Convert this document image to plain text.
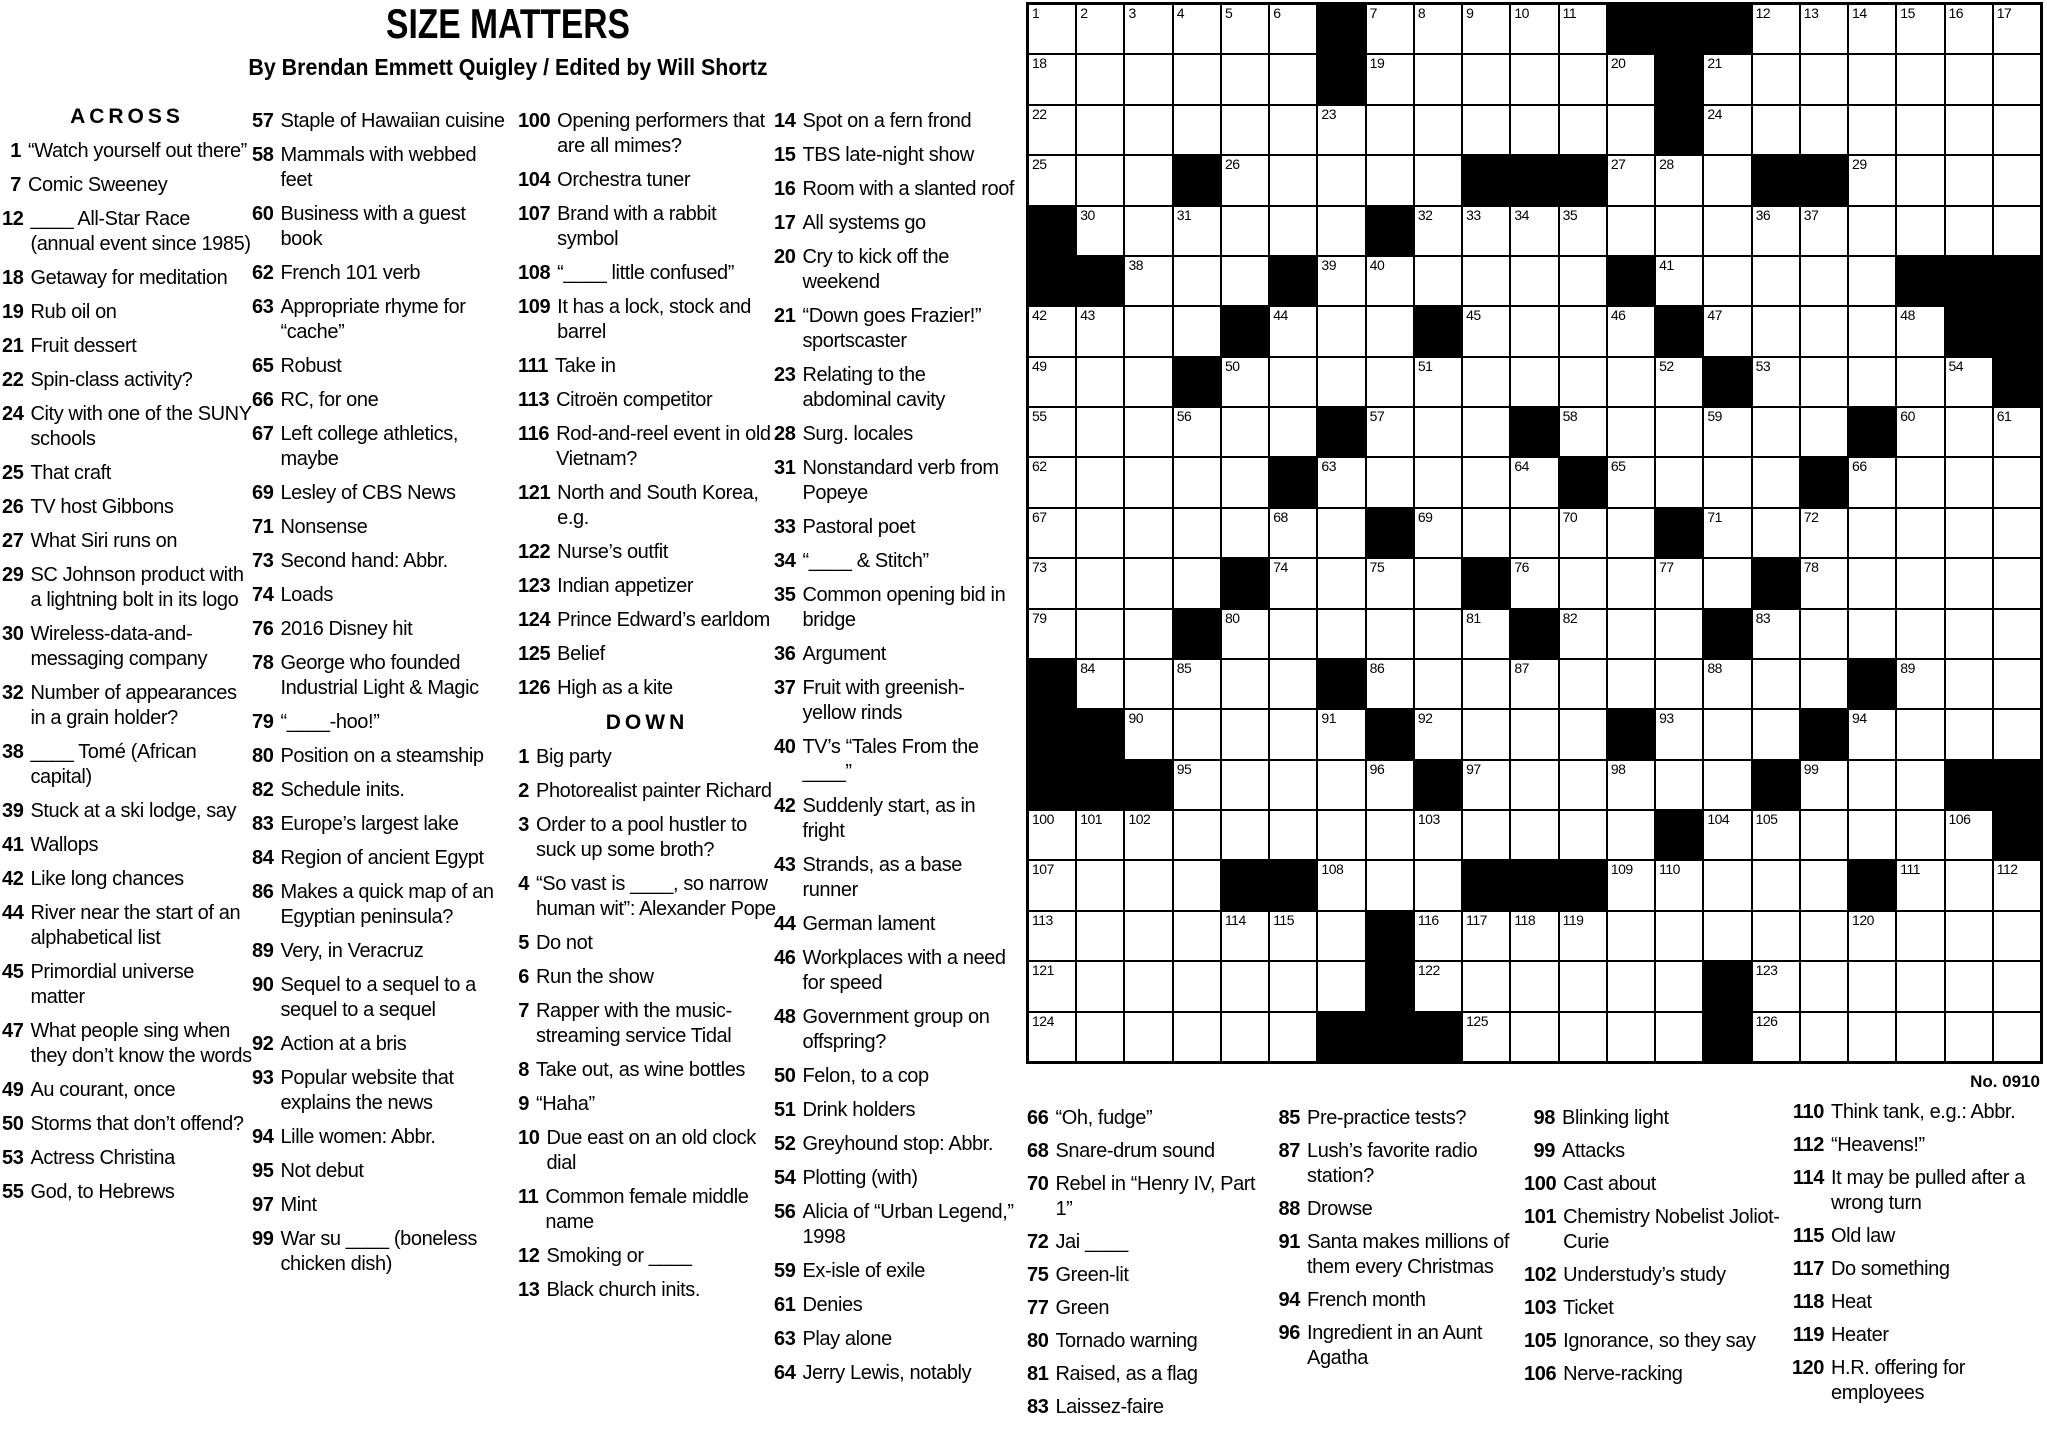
SIZE MATTERS
By Brendan Emmett Quigley / Edited by Will Shortz
ACROSS
1 “Watch yourself out there”
7 Comic Sweeney
12 ____ All-Star Race (annual event since 1985)
18 Getaway for meditation
19 Rub oil on
21 Fruit dessert
22 Spin-class activity?
24 City with one of the SUNY schools
25 That craft
26 TV host Gibbons
27 What Siri runs on
29 SC Johnson product with a lightning bolt in its logo
30 Wireless-data-and-messaging company
32 Number of appearances in a grain holder?
38 ____ Tomé (African capital)
39 Stuck at a ski lodge, say
41 Wallops
42 Like long chances
44 River near the start of an alphabetical list
45 Primordial universe matter
47 What people sing when they don’t know the words
49 Au courant, once
50 Storms that don’t offend?
53 Actress Christina
55 God, to Hebrews
57 Staple of Hawaiian cuisine
58 Mammals with webbed feet
60 Business with a guest book
62 French 101 verb
63 Appropriate rhyme for “cache”
65 Robust
66 RC, for one
67 Left college athletics, maybe
69 Lesley of CBS News
71 Nonsense
73 Second hand: Abbr.
74 Loads
76 2016 Disney hit
78 George who founded Industrial Light & Magic
79 “____-hoo!”
80 Position on a steamship
82 Schedule inits.
83 Europe’s largest lake
84 Region of ancient Egypt
86 Makes a quick map of an Egyptian peninsula?
89 Very, in Veracruz
90 Sequel to a sequel to a sequel to a sequel
92 Action at a bris
93 Popular website that explains the news
94 Lille women: Abbr.
95 Not debut
97 Mint
99 War su ____ (boneless chicken dish)
100 Opening performers that are all mimes?
104 Orchestra tuner
107 Brand with a rabbit symbol
108 “____ little confused”
109 It has a lock, stock and barrel
111 Take in
113 Citroën competitor
116 Rod-and-reel event in old Vietnam?
121 North and South Korea, e.g.
122 Nurse’s outfit
123 Indian appetizer
124 Prince Edward’s earldom
125 Belief
126 High as a kite
DOWN
1 Big party
2 Photorealist painter Richard
3 Order to a pool hustler to suck up some broth?
4 “So vast is ____, so narrow human wit”: Alexander Pope
5 Do not
6 Run the show
7 Rapper with the music-streaming service Tidal
8 Take out, as wine bottles
9 “Haha”
10 Due east on an old clock dial
11 Common female middle name
12 Smoking or ____
13 Black church inits.
14 Spot on a fern frond
15 TBS late-night show
16 Room with a slanted roof
17 All systems go
20 Cry to kick off the weekend
21 “Down goes Frazier!” sportscaster
23 Relating to the abdominal cavity
28 Surg. locales
31 Nonstandard verb from Popeye
33 Pastoral poet
34 “____ & Stitch”
35 Common opening bid in bridge
36 Argument
37 Fruit with greenish-yellow rinds
40 TV’s “Tales From the ____”
42 Suddenly start, as in fright
43 Strands, as a base runner
44 German lament
46 Workplaces with a need for speed
48 Government group on offspring?
50 Felon, to a cop
51 Drink holders
52 Greyhound stop: Abbr.
54 Plotting (with)
56 Alicia of “Urban Legend,” 1998
59 Ex-isle of exile
61 Denies
63 Play alone
64 Jerry Lewis, notably
1	2	3	4	5	6	7	8	9	10 11	12 13 14 15 16 17
18	19	20	21
22	23	24
25	26	27 28	29
30	31	32 33 34 35	36 37
38	39 40	41
42 43	44	45	46	47	48
49	50	51	52	53	54
55	56	57	58	59	60	61
62	63	64	65	66
67	68	69	70	71	72
73	74	75	76	77	78
79	80	81	82	83
84	85	86	87	88	89
90	91	92	93	94
95	96	97	98	99
100 101 102	103	104 105	106
107	108	109 110	111	112
113	114 115	116 117 118 119	120
121	122	123
124	125	126
No. 0910
66 “Oh, fudge”
68 Snare-drum sound
70 Rebel in “Henry IV, Part 1”
72 Jai ____
75 Green-lit
77 Green
80 Tornado warning
81 Raised, as a flag
83 Laissez-faire
85 Pre-practice tests?
87 Lush’s favorite radio station?
88 Drowse
91 Santa makes millions of them every Christmas
94 French month
96 Ingredient in an Aunt Agatha
98 Blinking light
99 Attacks
100 Cast about
101 Chemistry Nobelist Joliot-Curie
102 Understudy’s study
103 Ticket
105 Ignorance, so they say
106 Nerve-racking
110 Think tank, e.g.: Abbr.
112 “Heavens!”
114 It may be pulled after a wrong turn
115 Old law
117 Do something
118 Heat
119 Heater
120 H.R. offering for employees
